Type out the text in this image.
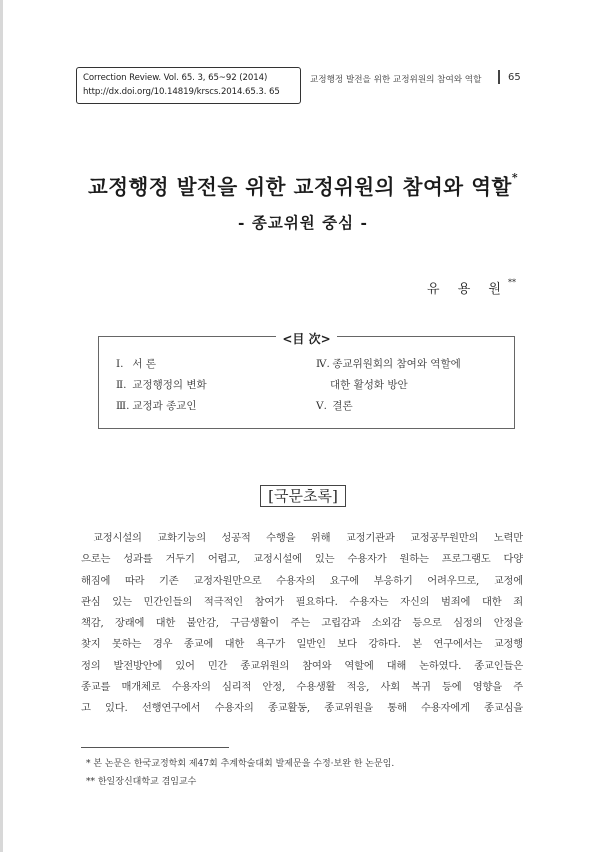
Correction Review. Vol. 65. 3, 65~92 (2014)
http://dx.doi.org/10.14819/krscs.2014.65.3. 65
교정행정 발전을 위한 교정위원의 참여와 역할	65
교정행정 발전을 위한 교정위원의 참여와 역할*
- 종교위원 중심 -
유 용 원**
<目 次>
Ⅰ. 서 론
Ⅱ. 교정행정의 변화
Ⅲ. 교정과 종교인
Ⅳ. 종교위원회의 참여와 역할에
대한 활성화 방안
Ⅴ. 결론
[국문초록]
교정시설의 교화기능의 성공적 수행을 위해 교정기관과 교정공무원만의 노력만
으로는 성과를 거두기 어렵고, 교정시설에 있는 수용자가 원하는 프로그램도 다양
해짐에 따라 기존 교정자원만으로 수용자의 요구에 부응하기 어려우므로, 교정에
관심 있는 민간인들의 적극적인 참여가 필요하다. 수용자는 자신의 범죄에 대한 죄
책감, 장래에 대한 불안감, 구금생활이 주는 고립감과 소외감 등으로 심정의 안정을
찾지 못하는 경우 종교에 대한 욕구가 일반인 보다 강하다. 본 연구에서는 교정행
정의 발전방안에 있어 민간 종교위원의 참여와 역할에 대해 논하였다. 종교인들은
종교를 매개체로 수용자의 심리적 안정, 수용생활 적응, 사회 복귀 등에 영향을 주
고 있다. 선행연구에서 수용자의 종교활동, 종교위원을 통해 수용자에게 종교심을
* 본 논문은 한국교정학회 제47회 추계학술대회 발제문을 수정·보완 한 논문임.
** 한일장신대학교 겸임교수
